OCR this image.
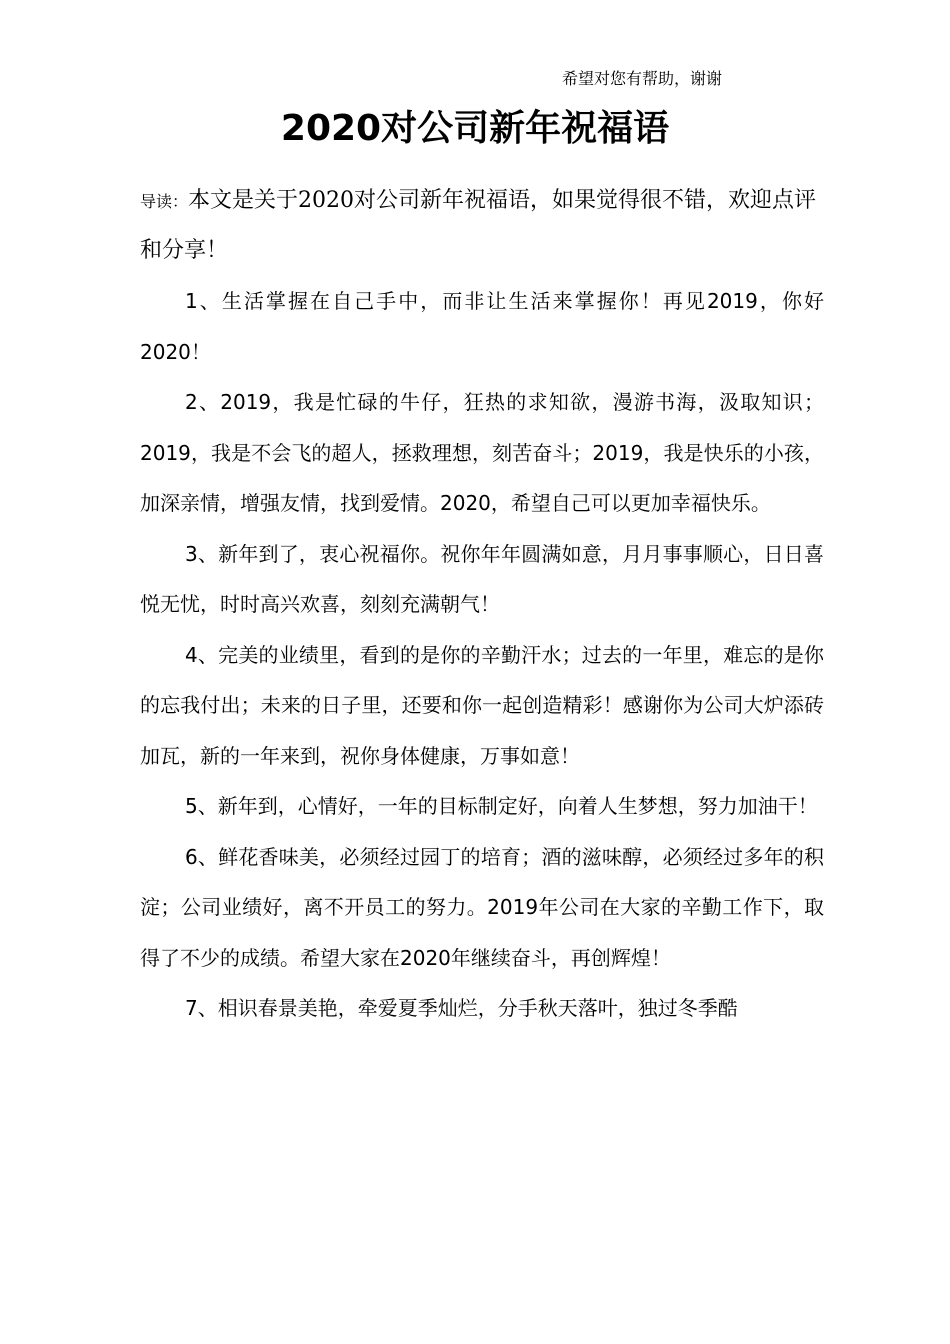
希望对您有帮助，谢谢
2020对公司新年祝福语
导读：本文是关于2020对公司新年祝福语，如果觉得很不错，欢迎点评和分享！

1、生活掌握在自己手中，而非让生活来掌握你！再见2019，你好2020！

2、2019，我是忙碌的牛仔，狂热的求知欲，漫游书海，汲取知识；2019，我是不会飞的超人，拯救理想，刻苦奋斗；2019，我是快乐的小孩，加深亲情，增强友情，找到爱情。2020，希望自己可以更加幸福快乐。

3、新年到了，衷心祝福你。祝你年年圆满如意，月月事事顺心，日日喜悦无忧，时时高兴欢喜，刻刻充满朝气！

4、完美的业绩里，看到的是你的辛勤汗水；过去的一年里，难忘的是你的忘我付出；未来的日子里，还要和你一起创造精彩！感谢你为公司大炉添砖加瓦，新的一年来到，祝你身体健康，万事如意！

5、新年到，心情好，一年的目标制定好，向着人生梦想，努力加油干！

6、鲜花香味美，必须经过园丁的培育；酒的滋味醇，必须经过多年的积淀；公司业绩好，离不开员工的努力。2019年公司在大家的辛勤工作下，取得了不少的成绩。希望大家在2020年继续奋斗，再创辉煌！

7、相识春景美艳，牵爱夏季灿烂，分手秋天落叶，独过冬季酷
